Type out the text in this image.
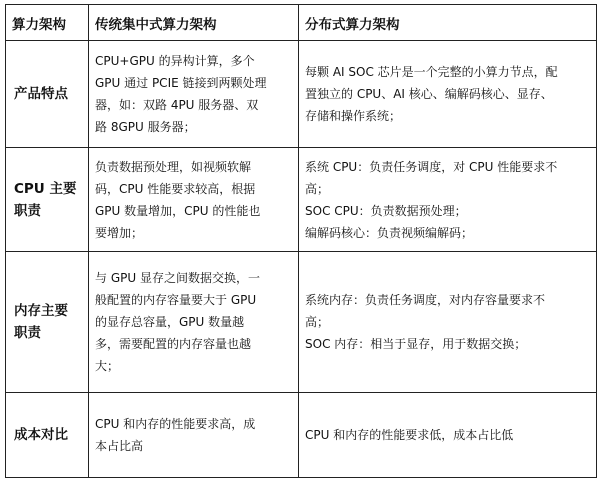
算力架构	传统集中式算力架构	分布式算力架构

产品特点	CPU+GPU 的异构计算，多个
GPU 通过 PCIE 链接到两颗处理
器，如：双路 4PU 服务器、双
路 8GPU 服务器；	每颗 AI SOC 芯片是一个完整的小算力节点，配
置独立的 CPU、AI 核心、编解码核心、显存、
存储和操作系统；

CPU 主要
职责	负责数据预处理，如视频软解
码，CPU 性能要求较高，根据
GPU 数量增加，CPU 的性能也
要增加；	系统 CPU：负责任务调度，对 CPU 性能要求不
高；
SOC CPU：负责数据预处理；
编解码核心：负责视频编解码；

内存主要
职责	与 GPU 显存之间数据交换，一
般配置的内存容量要大于 GPU
的显存总容量，GPU 数量越
多，需要配置的内存容量也越
大；	系统内存：负责任务调度，对内存容量要求不
高；
SOC 内存：相当于显存，用于数据交换；

成本对比	CPU 和内存的性能要求高，成
本占比高	CPU 和内存的性能要求低，成本占比低
